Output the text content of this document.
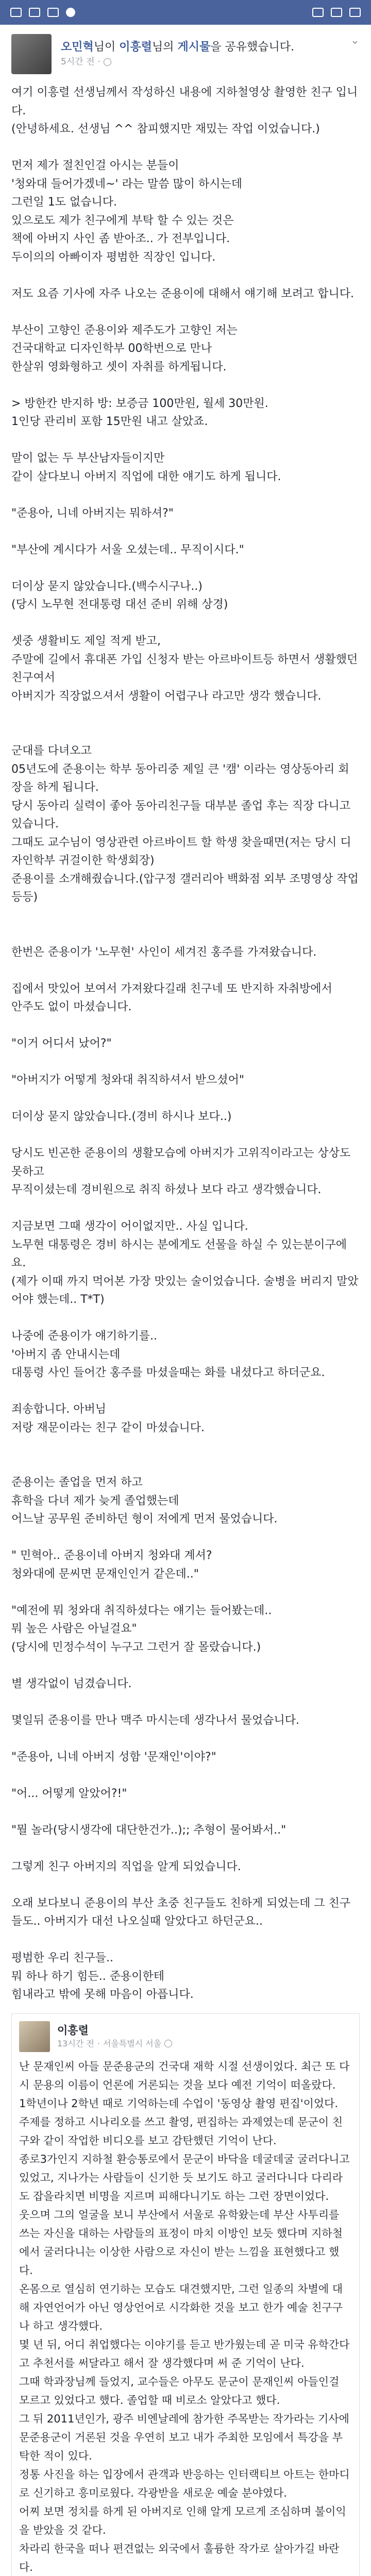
오민혁님이 이흥렬님의 게시물을 공유했습니다.
5시간 전 ·
⌄

여기 이흥렬 선생님께서 작성하신 내용에 지하철영상 촬영한 친구 입니다.

(안녕하세요. 선생님 ^^ 참피했지만 재밌는 작업 이었습니다.)

먼저 제가 절친인걸 아시는 분들이

'청와대 들어가겠네~' 라는 말씀 많이 하시는데

그런일 1도 없습니다.

있으로도 제가 친구에게 부탁 할 수 있는 것은

책에 아버지 사인 좀 받아조.. 가 전부입니다.

두이의의 아빠이자 평범한 직장인 입니다.

저도 요즘 기사에 자주 나오는 준용이에 대해서 얘기해 보려고 합니다.

부산이 고향인 준용이와 제주도가 고향인 저는

건국대학교 디자인학부 00학번으로 만나

한살위 영화형하고 셋이 자취를 하게됩니다.

> 방한칸 반지하 방: 보증금 100만원, 월세 30만원.

1인당 관리비 포함 15만원 내고 살았죠.

말이 없는 두 부산남자들이지만

같이 살다보니 아버지 직업에 대한 얘기도 하게 됩니다.

"준용아, 니네 아버지는 뭐하셔?"

"부산에 계시다가 서울 오셨는데.. 무직이시다."

더이상 묻지 않았습니다.(백수시구나..)

(당시 노무현 전대통령 대선 준비 위해 상경)

셋중 생활비도 제일 적게 받고,

주말에 길에서 휴대폰 가입 신청자 받는 아르바이트등 하면서 생활했던 친구여서

아버지가 직장없으셔서 생활이 어렵구나 라고만 생각 했습니다.

군대를 다녀오고

05년도에 준용이는 학부 동아리중 제일 큰 '캠' 이라는 영상동아리 회장을 하게 됩니다.

당시 동아리 실력이 좋아 동아리친구들 대부분 졸업 후는 직장 다니고 있습니다.

그때도 교수님이 영상관련 아르바이트 할 학생 찾을때면(저는 당시 디자인학부 귀걸이한 학생회장)

준용이를 소개해줬습니다.(압구정 갤러리아 백화점 외부 조명영상 작업 등등)

한번은 준용이가 '노무현' 사인이 세겨진 홍주를 가져왔습니다.

집에서 맛있어 보여서 가져왔다길래 친구네 또 반지하 자취방에서

안주도 없이 마셨습니다.

"이거 어디서 났어?"

"아버지가 어떻게 청와대 취직하셔서 받으셨어"

더이상 묻지 않았습니다.(경비 하시나 보다..)

당시도 빈곤한 준용이의 생활모습에 아버지가 고위직이라고는 상상도 못하고

무직이셨는데 경비원으로 취직 하셨나 보다 라고 생각했습니다.

지금보면 그때 생각이 어이없지만.. 사실 입니다.

노무현 대통령은 경비 하시는 분에게도 선물을 하실 수 있는분이구에요.

(제가 이때 까지 먹어본 가장 맛있는 술이었습니다. 술병을 버리지 말았어야 했는데.. T*T)

나중에 준용이가 얘기하기를..

'아버지 좀 안내시는데

대통령 사인 들어간 홍주를 마셨을때는 화를 내셨다고 하더군요.

죄송합니다. 아버님

저랑 재문이라는 친구 같이 마셨습니다.

준용이는 졸업을 먼저 하고

휴학을 다녀 제가 늦게 졸업했는데

어느날 공무원 준비하던 형이 저에게 먼저 물었습니다.

" 민혁아.. 준용이네 아버지 청와대 계셔?

청와대에 문씨면 문재인인거 같은데.."

"예전에 뭐 청와대 취직하셨다는 얘기는 들어봤는데..

뭐 높은 사람은 아닐걸요"

(당시에 민정수석이 누구고 그런거 잘 몰랐습니다.)

별 생각없이 넘겼습니다.

몇일뒤 준용이를 만나 맥주 마시는데 생각나서 물었습니다.

"준용아, 니네 아버지 성함 '문재인'이야?"

"어... 어떻게 알았어?!"

"뭘 놀라(당시생각에 대단한건가..);; 추형이 물어봐서.."

그렇게 친구 아버지의 직업을 알게 되었습니다.

오래 보다보니 준용이의 부산 초중 친구들도 친하게 되었는데 그 친구들도.. 아버지가 대선 나오실때 알았다고 하던군요..

평범한 우리 친구들..

뭐 하나 하기 힘든.. 준용이한테

힘내라고 밖에 못해 마음이 아픕니다.

이흥렬
13시간 전 · 서울특별시 서울

난 문재인씨 아들 문준용군의 건국대 재학 시절 선생이었다. 최근 또 다시 문용의 이름이 언론에 거론되는 것을 보다 예전 기억이 떠올랐다.

1학년이나 2학년 때로 기억하는데 수업이 '동영상 촬영 편집'이었다.

주제를 정하고 시나리오를 쓰고 촬영, 편집하는 과제였는데 문군이 친구와 같이 작업한 비디오를 보고 감탄했던 기억이 난다.

종로3가인지 지하철 환승통로에서 문군이 바닥을 데굴데굴 굴러다니고 있었고, 지나가는 사람들이 신기한 듯 보기도 하고 굴러다니다 다리라도 잡을라치면 비명을 지르며 피해다니기도 하는 그런 장면이었다.

웃으며 그의 얼굴을 보니 부산에서 서울로 유학왔는데 부산 사투리를 쓰는 자신을 대하는 사람들의 표정이 마치 이방인 보듯 했다며 지하철에서 굴러다니는 이상한 사람으로 자신이 받는 느낌을 표현했다고 했다.

온몸으로 열심히 연기하는 모습도 대견했지만, 그런 일종의 차별에 대해 자연언어가 아닌 영상언어로 시각화한 것을 보고 한가 예술 친구구나 하고 생각했다.

몇 년 뒤, 어디 취업했다는 이야기를 듣고 반가웠는데 곧 미국 유학간다고 추천서를 써달라고 해서 잘 생각했다며 써 준 기억이 난다.

그때 학과장님께 들었지, 교수들은 아무도 문군이 문재인씨 아들인걸 모르고 있었다고 했다. 졸업할 때 비로소 알았다고 했다.

그 뒤 2011년인가, 광주 비엔날레에 참가한 주목받는 작가라는 기사에 문준용군이 거론된 것을 우연히 보고 내가 주최한 모임에서 특강을 부탁한 적이 있다.

정통 사진을 하는 입장에서 관객과 반응하는 인터랙티브 아트는 한마디로 신기하고 흥미로웠다. 각광받을 새로운 예술 분야였다.

어찌 보면 정치를 하게 된 아버지로 인해 알게 모르게 조심하며 불이익을 받았을 것 같다.

차라리 한국을 떠나 편견없는 외국에서 훌륭한 작가로 살아가길 바란다.
